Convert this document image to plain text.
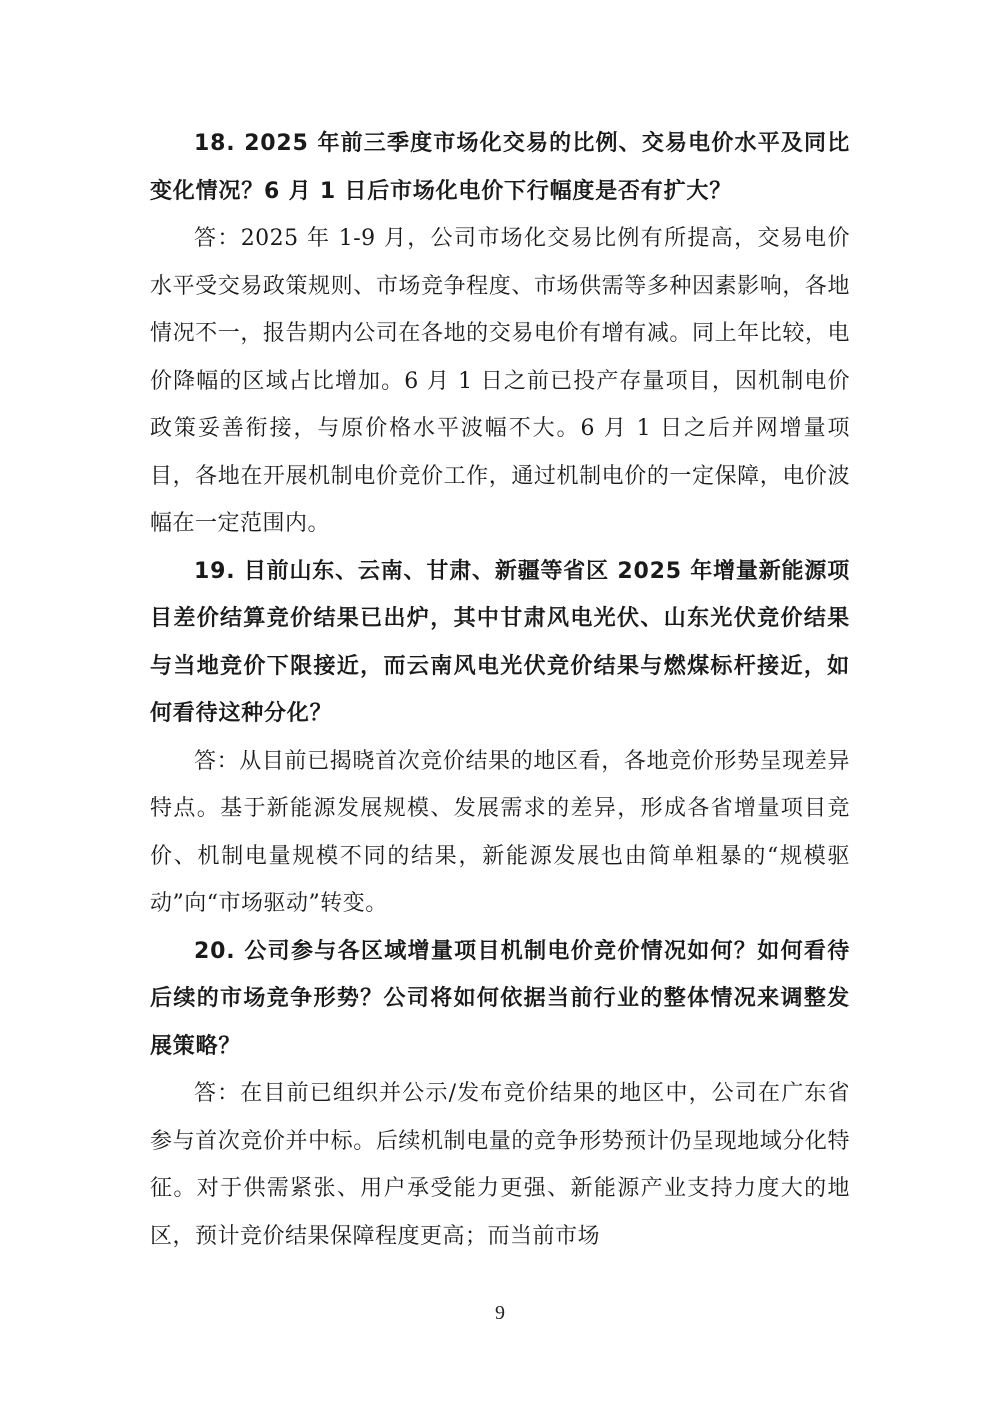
18. 2025 年前三季度市场化交易的比例、交易电价水平及同比变化情况？6 月 1 日后市场化电价下行幅度是否有扩大？

答：2025 年 1-9 月，公司市场化交易比例有所提高，交易电价水平受交易政策规则、市场竞争程度、市场供需等多种因素影响，各地情况不一，报告期内公司在各地的交易电价有增有减。同上年比较，电价降幅的区域占比增加。6 月 1 日之前已投产存量项目，因机制电价政策妥善衔接，与原价格水平波幅不大。6 月 1 日之后并网增量项目，各地在开展机制电价竞价工作，通过机制电价的一定保障，电价波幅在一定范围内。

19. 目前山东、云南、甘肃、新疆等省区 2025 年增量新能源项目差价结算竞价结果已出炉，其中甘肃风电光伏、山东光伏竞价结果与当地竞价下限接近，而云南风电光伏竞价结果与燃煤标杆接近，如何看待这种分化？

答：从目前已揭晓首次竞价结果的地区看，各地竞价形势呈现差异特点。基于新能源发展规模、发展需求的差异，形成各省增量项目竞价、机制电量规模不同的结果，新能源发展也由简单粗暴的“规模驱动”向“市场驱动”转变。

20. 公司参与各区域增量项目机制电价竞价情况如何？如何看待后续的市场竞争形势？公司将如何依据当前行业的整体情况来调整发展策略？

答：在目前已组织并公示/发布竞价结果的地区中，公司在广东省参与首次竞价并中标。后续机制电量的竞争形势预计仍呈现地域分化特征。对于供需紧张、用户承受能力更强、新能源产业支持力度大的地区，预计竞价结果保障程度更高；而当前市场

9
